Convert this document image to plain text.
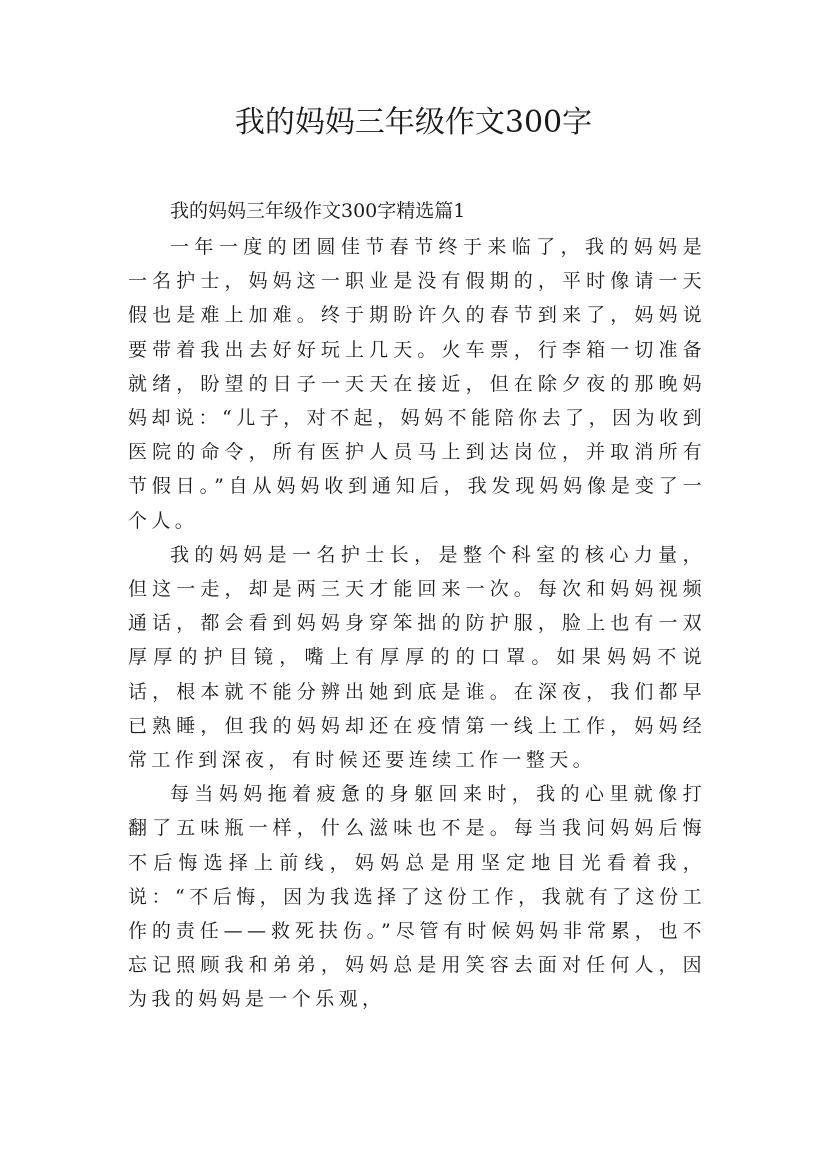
我的妈妈三年级作文300字

我的妈妈三年级作文300字精选篇1

一年一度的团圆佳节春节终于来临了，我的妈妈是一名护士，妈妈这一职业是没有假期的，平时像请一天假也是难上加难。终于期盼许久的春节到来了，妈妈说要带着我出去好好玩上几天。火车票，行李箱一切准备就绪，盼望的日子一天天在接近，但在除夕夜的那晚妈妈却说：“儿子，对不起，妈妈不能陪你去了，因为收到医院的命令，所有医护人员马上到达岗位，并取消所有节假日。”自从妈妈收到通知后，我发现妈妈像是变了一个人。

我的妈妈是一名护士长，是整个科室的核心力量，但这一走，却是两三天才能回来一次。每次和妈妈视频通话，都会看到妈妈身穿笨拙的防护服，脸上也有一双厚厚的护目镜，嘴上有厚厚的的口罩。如果妈妈不说话，根本就不能分辨出她到底是谁。在深夜，我们都早已熟睡，但我的妈妈却还在疫情第一线上工作，妈妈经常工作到深夜，有时候还要连续工作一整天。

每当妈妈拖着疲惫的身躯回来时，我的心里就像打翻了五味瓶一样，什么滋味也不是。每当我问妈妈后悔不后悔选择上前线，妈妈总是用坚定地目光看着我，说：“不后悔，因为我选择了这份工作，我就有了这份工作的责任——救死扶伤。”尽管有时候妈妈非常累，也不忘记照顾我和弟弟，妈妈总是用笑容去面对任何人，因为我的妈妈是一个乐观，
